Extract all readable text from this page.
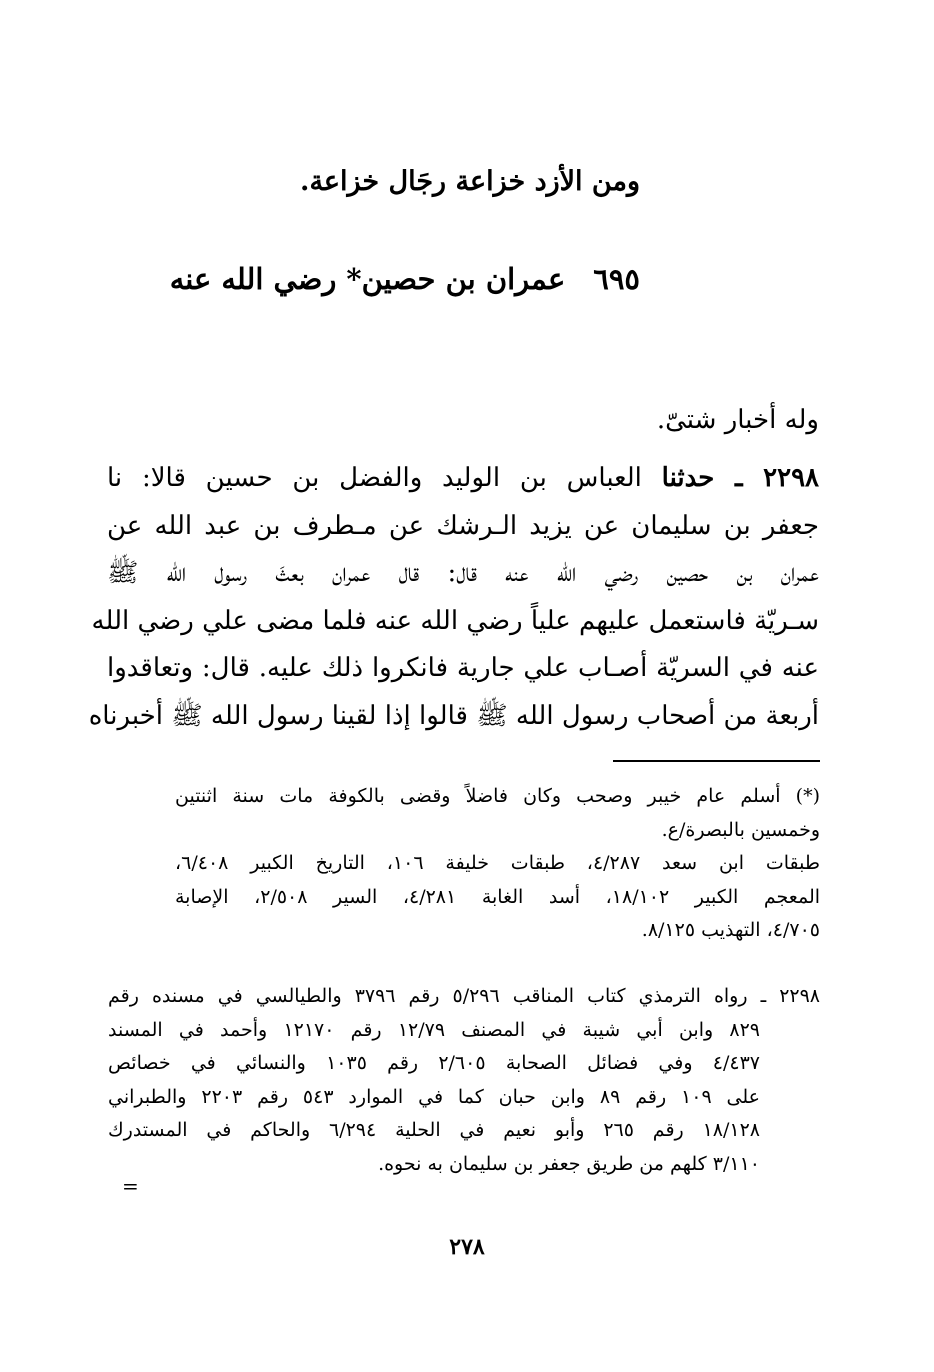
ومن الأزد خزاعة رجَال خزاعة.
٦٩٥عمران بن حصين* رضي الله عنه
وله أخبار شتىّ.
٢٢٩٨ ـ حدثنا العباس بن الوليد والفضل بن حسين قالا: نا
جعفر بن سليمان عن يزيد الـرشك عن مـطرف بن عبد الله عن
عمران بن حصين رضي الله عنه قال: قال عمران بعثَ رسول الله ﷺ
سـريّة فاستعمل عليهم علياً رضي الله عنه فلما مضى علي رضي الله
عنه في السريّة أصـاب علي جارية فانكروا ذلك عليه. قال: وتعاقدوا
أربعة من أصحاب رسول الله ﷺ قالوا إذا لقينا رسول الله ﷺ أخبرناه
(*) أسلم عام خيبر وصحب وكان فاضلاً وقضى بالكوفة مات سنة اثنتين
وخمسين بالبصرة/ع.
طبقات ابن سعد ٤/٢٨٧، طبقات خليفة ١٠٦، التاريخ الكبير ٦/٤٠٨،
المعجم الكبير ١٨/١٠٢، أسد الغابة ٤/٢٨١، السير ٢/٥٠٨، الإصابة
٤/٧٠٥، التهذيب ٨/١٢٥.
٢٢٩٨ ـ رواه الترمذي كتاب المناقب ٥/٢٩٦ رقم ٣٧٩٦ والطيالسي في مسنده رقم
٨٢٩ وابن أبي شيبة في المصنف ١٢/٧٩ رقم ١٢١٧٠ وأحمد في المسند
٤/٤٣٧ وفي فضائل الصحابة ٢/٦٠٥ رقم ١٠٣٥ والنسائي في خصائص
على ١٠٩ رقم ٨٩ وابن حبان كما في الموارد ٥٤٣ رقم ٢٢٠٣ والطبراني
١٨/١٢٨ رقم ٢٦٥ وأبو نعيم في الحلية ٦/٢٩٤ والحاكم في المستدرك
٣/١١٠ كلهم من طريق جعفر بن سليمان به نحوه.
=
٢٧٨
